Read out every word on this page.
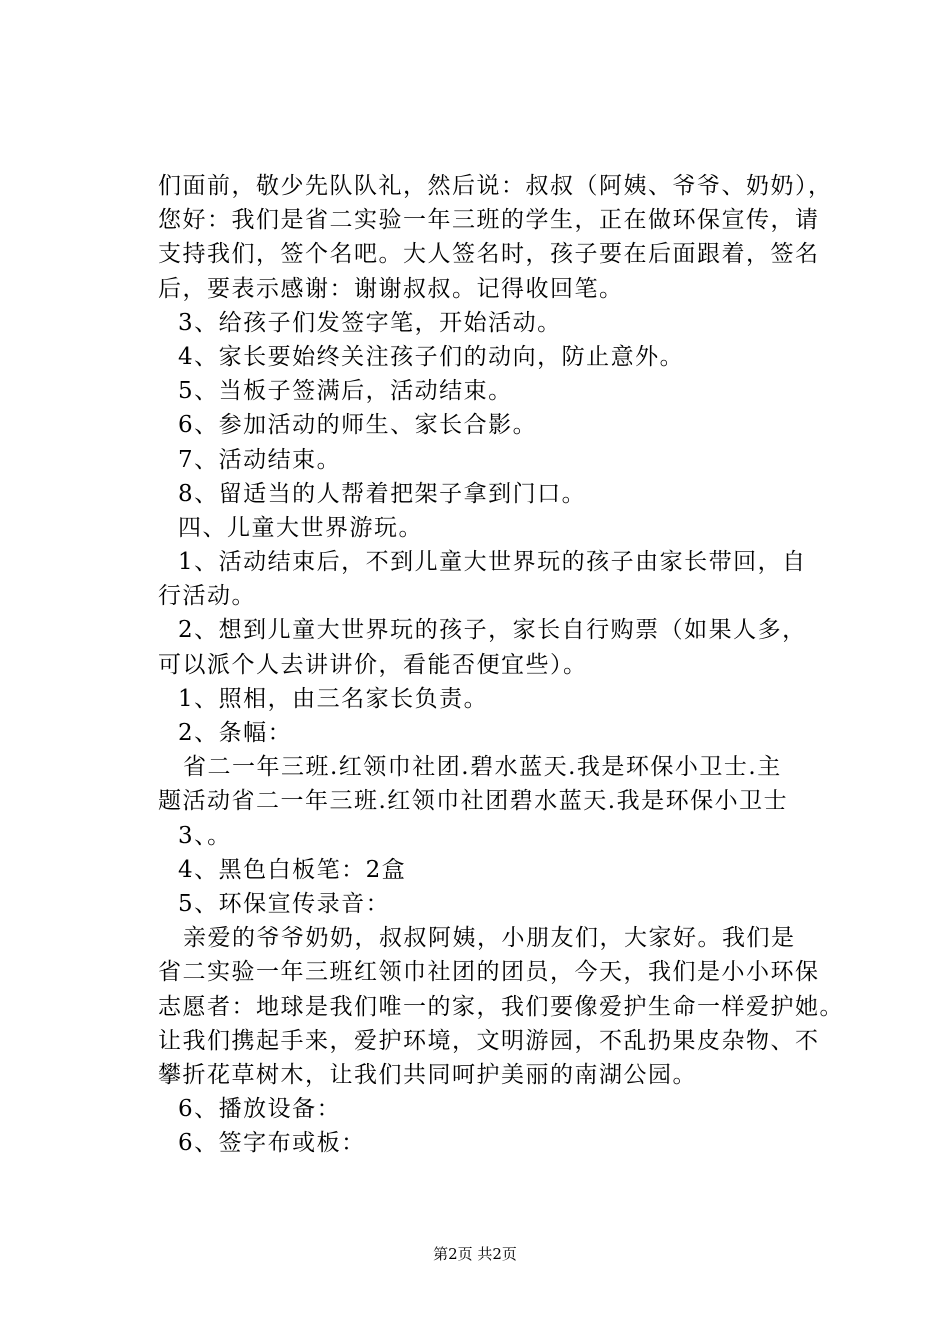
们面前，敬少先队队礼，然后说：叔叔（阿姨、爷爷、奶奶），
您好：我们是省二实验一年三班的学生，正在做环保宣传，请
支持我们，签个名吧。大人签名时，孩子要在后面跟着，签名
后，要表示感谢：谢谢叔叔。记得收回笔。
3、给孩子们发签字笔，开始活动。
4、家长要始终关注孩子们的动向，防止意外。
5、当板子签满后，活动结束。
6、参加活动的师生、家长合影。
7、活动结束。
8、留适当的人帮着把架子拿到门口。
四、儿童大世界游玩。
1、活动结束后，不到儿童大世界玩的孩子由家长带回，自
行活动。
2、想到儿童大世界玩的孩子，家长自行购票（如果人多，
可以派个人去讲讲价，看能否便宜些）。
1、照相，由三名家长负责。
2、条幅：
省二一年三班.红领巾社团.碧水蓝天.我是环保小卫士.主
题活动省二一年三班.红领巾社团碧水蓝天.我是环保小卫士
3、。
4、黑色白板笔：2盒
5、环保宣传录音：
亲爱的爷爷奶奶，叔叔阿姨，小朋友们，大家好。我们是
省二实验一年三班红领巾社团的团员，今天，我们是小小环保
志愿者：地球是我们唯一的家，我们要像爱护生命一样爱护她。
让我们携起手来，爱护环境，文明游园，不乱扔果皮杂物、不
攀折花草树木，让我们共同呵护美丽的南湖公园。
6、播放设备：
6、签字布或板：
第2页 共2页
